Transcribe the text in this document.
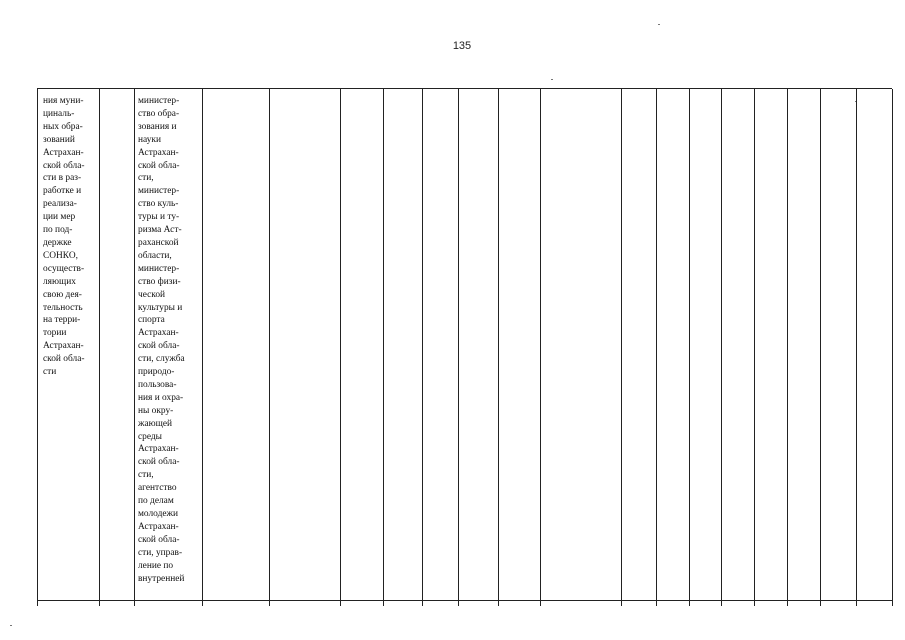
135
ния муни-
циналь-
ных обра-
зований
Астрахан-
ской обла-
сти в раз-
работке и
реализа-
ции мер
по под-
держке
СОНКО,
осуществ-
ляющих
свою дея-
тельность
на терри-
тории
Астрахан-
ской обла-
сти
министер-
ство обра-
зования и
науки
Астрахан-
ской обла-
сти,
министер-
ство куль-
туры и ту-
ризма Аст-
раханской
области,
министер-
ство физи-
ческой
культуры и
спорта
Астрахан-
ской обла-
сти, служба
природо-
пользова-
ния и охра-
ны окру-
жающей
среды
Астрахан-
ской обла-
сти,
агентство
по делам
молодежи
Астрахан-
ской обла-
сти, управ-
ление по
внутренней
